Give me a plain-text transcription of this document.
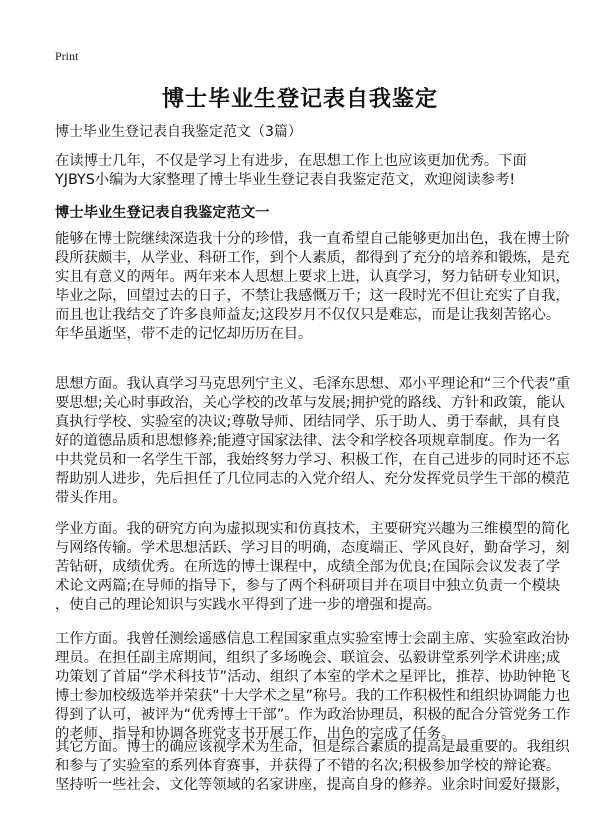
Print
博士毕业生登记表自我鉴定
博士毕业生登记表自我鉴定范文（3篇）
在读博士几年，不仅是学习上有进步，在思想工作上也应该更加优秀。下面
YJBYS小编为大家整理了博士毕业生登记表自我鉴定范文，欢迎阅读参考!
博士毕业生登记表自我鉴定范文一
能够在博士院继续深造我十分的珍惜，我一直希望自己能够更加出色，我在博士阶
段所获颇丰，从学业、科研工作，到个人素质，都得到了充分的培养和锻炼，是充
实且有意义的两年。两年来本人思想上要求上进，认真学习，努力钻研专业知识，
毕业之际，回望过去的日子，不禁让我感慨万千；这一段时光不但让充实了自我，
而且也让我结交了许多良师益友;这段岁月不仅仅只是难忘，而是让我刻苦铭心。
年华虽逝坚，带不走的记忆却历历在目。
思想方面。我认真学习马克思列宁主义、毛泽东思想、邓小平理论和“三个代表”重
要思想;关心时事政治，关心学校的改革与发展;拥护党的路线、方针和政策，能认
真执行学校、实验室的决议;尊敬导师、团结同学、乐于助人、勇于奉献，具有良
好的道德品质和思想修养;能遵守国家法律、法令和学校各项规章制度。作为一名
中共党员和一名学生干部，我始终努力学习、积极工作，在自己进步的同时还不忘
帮助别人进步，先后担任了几位同志的入党介绍人、充分发挥党员学生干部的模范
带头作用。
学业方面。我的研究方向为虚拟现实和仿真技术，主要研究兴趣为三维模型的简化
与网络传输。学术思想活跃、学习目的明确，态度端正、学风良好，勤奋学习，刻
苦钻研，成绩优秀。在所选的博士课程中，成绩全部为优良;在国际会议发表了学
术论文两篇;在导师的指导下，参与了两个科研项目并在项目中独立负责一个模块
，使自己的理论知识与实践水平得到了进一步的增强和提高。
工作方面。我曾任测绘遥感信息工程国家重点实验室博士会副主席、实验室政治协
理员。在担任副主席期间，组织了多场晚会、联谊会、弘毅讲堂系列学术讲座;成
功策划了首届“学术科技节”活动、组织了本室的学术之星评比，推荐、协助钟艳飞
博士参加校级选举并荣获“十大学术之星”称号。我的工作积极性和组织协调能力也
得到了认可，被评为“优秀博士干部”。作为政治协理员，积极的配合分管党务工作
的老师、指导和协调各班党支书开展工作，出色的完成了任务。
其它方面。博士的确应该视学术为生命，但是综合素质的提高是最重要的。我组织
和参与了实验室的系列体育赛事，并获得了不错的名次;积极参加学校的辩论赛。
坚持听一些社会、文化等领域的名家讲座，提高自身的修养。业余时间爱好摄影，
